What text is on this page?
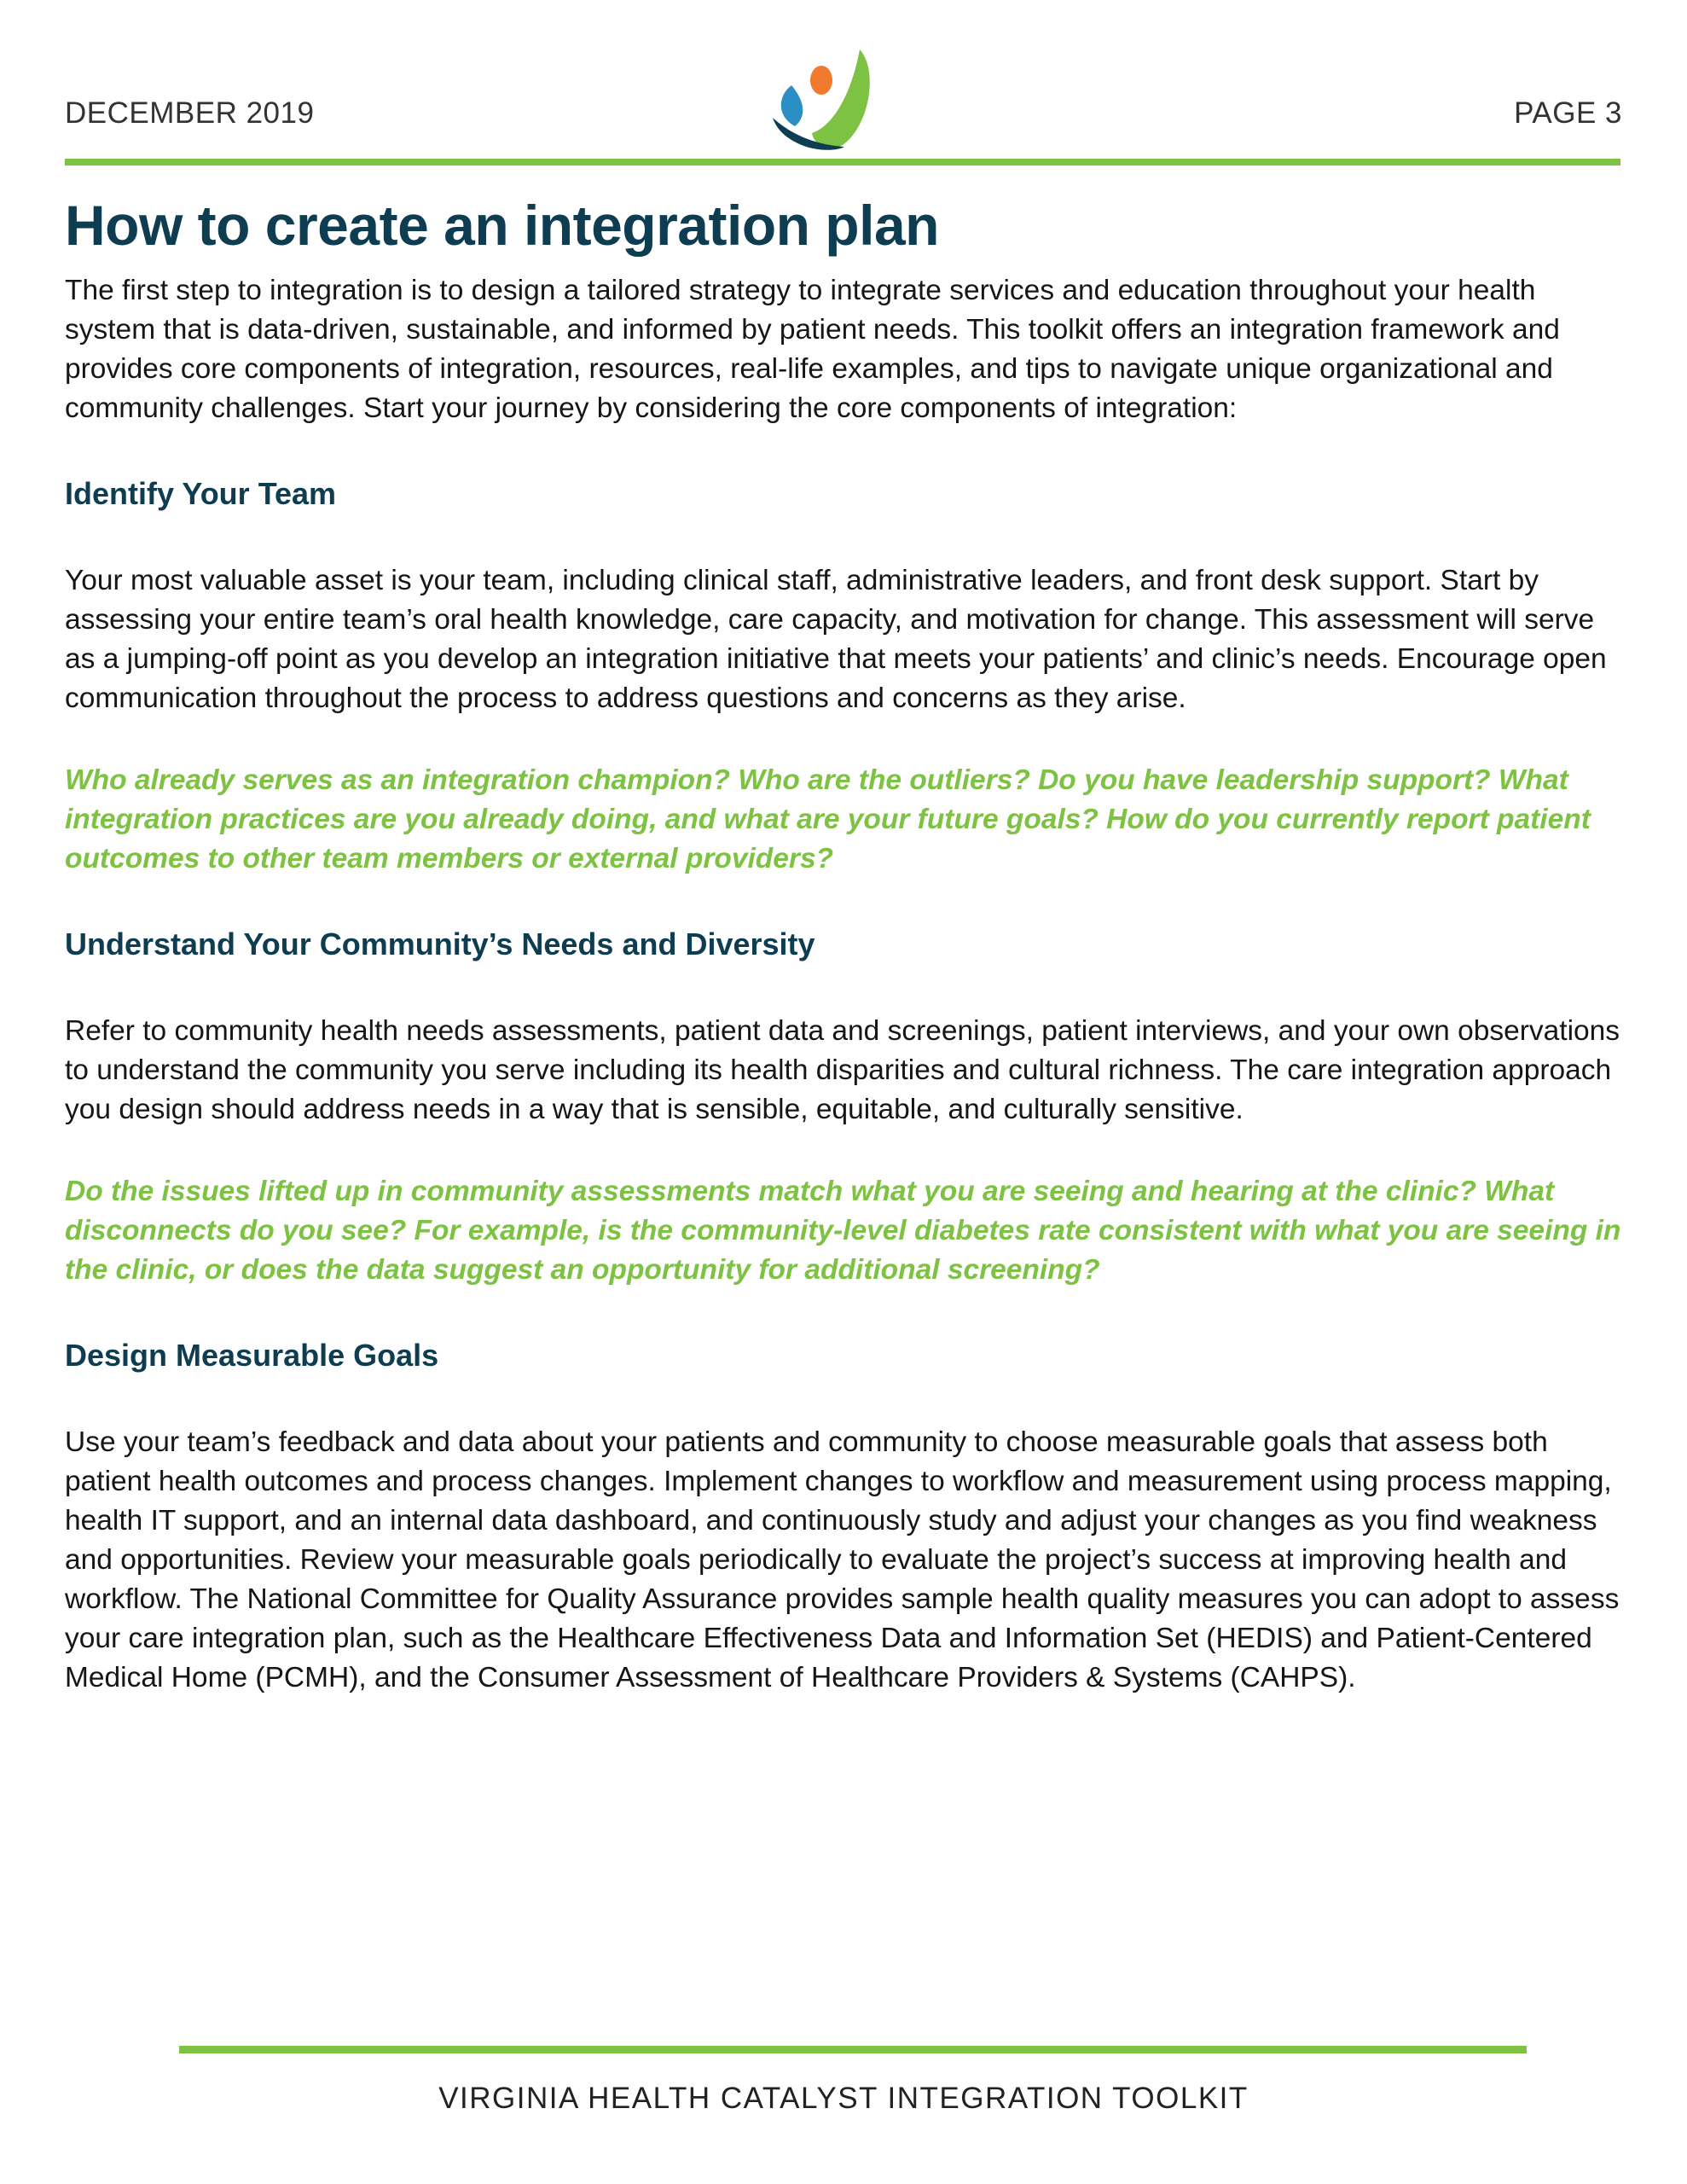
DECEMBER 2019	PAGE 3
How to create an integration plan

The first step to integration is to design a tailored strategy to integrate services and education throughout your health system that is data-driven, sustainable, and informed by patient needs. This toolkit offers an integration framework and provides core components of integration, resources, real-life examples, and tips to navigate unique organizational and community challenges. Start your journey by considering the core components of integration:

Identify Your Team

Your most valuable asset is your team, including clinical staff, administrative leaders, and front desk support. Start by assessing your entire team’s oral health knowledge, care capacity, and motivation for change. This assessment will serve as a jumping-off point as you develop an integration initiative that meets your patients’ and clinic’s needs. Encourage open communication throughout the process to address questions and concerns as they arise.

Who already serves as an integration champion? Who are the outliers? Do you have leadership support? What integration practices are you already doing, and what are your future goals? How do you currently report patient outcomes to other team members or external providers?

Understand Your Community’s Needs and Diversity

Refer to community health needs assessments, patient data and screenings, patient interviews, and your own observations to understand the community you serve including its health disparities and cultural richness. The care integration approach you design should address needs in a way that is sensible, equitable, and culturally sensitive.

Do the issues lifted up in community assessments match what you are seeing and hearing at the clinic? What disconnects do you see? For example, is the community-level diabetes rate consistent with what you are seeing in the clinic, or does the data suggest an opportunity for additional screening?

Design Measurable Goals

Use your team’s feedback and data about your patients and community to choose measurable goals that assess both patient health outcomes and process changes. Implement changes to workflow and measurement using process mapping, health IT support, and an internal data dashboard, and continuously study and adjust your changes as you find weakness and opportunities. Review your measurable goals periodically to evaluate the project’s success at improving health and workflow. The National Committee for Quality Assurance provides sample health quality measures you can adopt to assess your care integration plan, such as the Healthcare Effectiveness Data and Information Set (HEDIS) and Patient-Centered Medical Home (PCMH), and the Consumer Assessment of Healthcare Providers & Systems (CAHPS).

VIRGINIA HEALTH CATALYST INTEGRATION TOOLKIT
